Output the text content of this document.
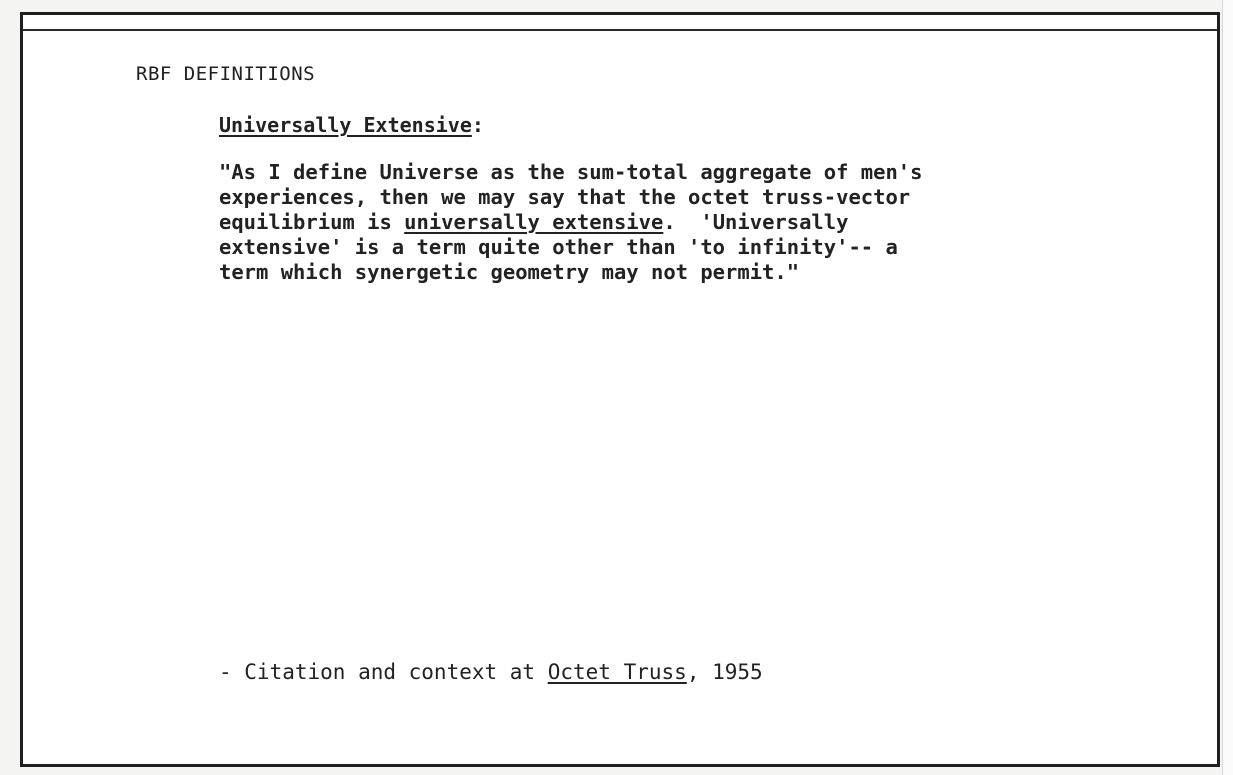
RBF DEFINITIONS
Universally Extensive:
"As I define Universe as the sum-total aggregate of men's
experiences, then we may say that the octet truss-vector
equilibrium is universally extensive.  'Universally
extensive' is a term quite other than 'to infinity'-- a
term which synergetic geometry may not permit."
- Citation and context at Octet Truss, 1955
